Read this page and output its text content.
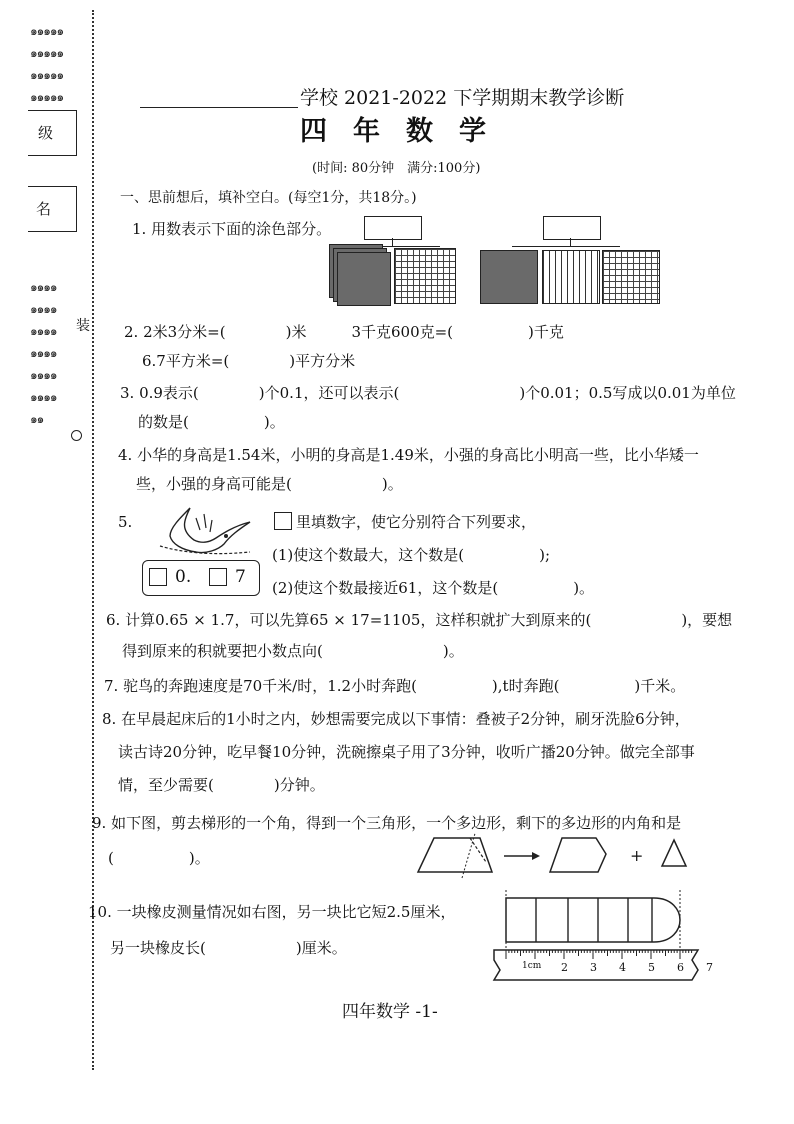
๑๑๑๑๑
๑๑๑๑๑
๑๑๑๑๑
๑๑๑๑๑
级
名
๑๑๑๑
๑๑๑๑
๑๑๑๑
๑๑๑๑
๑๑๑๑
๑๑๑๑
๑๑
装
学校 2021-2022 下学期期末教学诊断
四年数学
(时间: 80分钟　满分:100分)
一、思前想后，填补空白。(每空1分，共18分。)
1. 用数表示下面的涂色部分。
2. 2米3分米=(　　　　)米　　　3千克600克=(　　　　　)千克
6.7平方米=(　　　　)平方分米
3. 0.9表示(　　　　)个0.1，还可以表示(　　　　　　　　)个0.01；0.5写成以0.01为单位
的数是(　　　　　)。
4. 小华的身高是1.54米，小明的身高是1.49米，小强的身高比小明高一些，比小华矮一
些，小强的身高可能是(　　　　　　)。
5.
0.	7
里填数字，使它分别符合下列要求，
(1)使这个数最大，这个数是(　　　　　);
(2)使这个数最接近61，这个数是(　　　　　)。
6. 计算0.65 × 1.7，可以先算65 × 17=1105，这样积就扩大到原来的(　　　　　　)，要想
得到原来的积就要把小数点向(　　　　　　　　)。
7. 驼鸟的奔跑速度是70千米/时，1.2小时奔跑(　　　　　),t时奔跑(　　　　　)千米。
8. 在早晨起床后的1小时之内，妙想需要完成以下事情：叠被子2分钟，刷牙洗脸6分钟，
读古诗20分钟，吃早餐10分钟，洗碗擦桌子用了3分钟，收听广播20分钟。做完全部事
情，至少需要(　　　　)分钟。
9. 如下图，剪去梯形的一个角，得到一个三角形，一个多边形，剩下的多边形的内角和是
(　　　　　)。	+
10. 一块橡皮测量情况如右图，另一块比它短2.5厘米，
另一块橡皮长(　　　　　　)厘米。
1cm 2 3 4 5 6 7
四年数学 -1-
